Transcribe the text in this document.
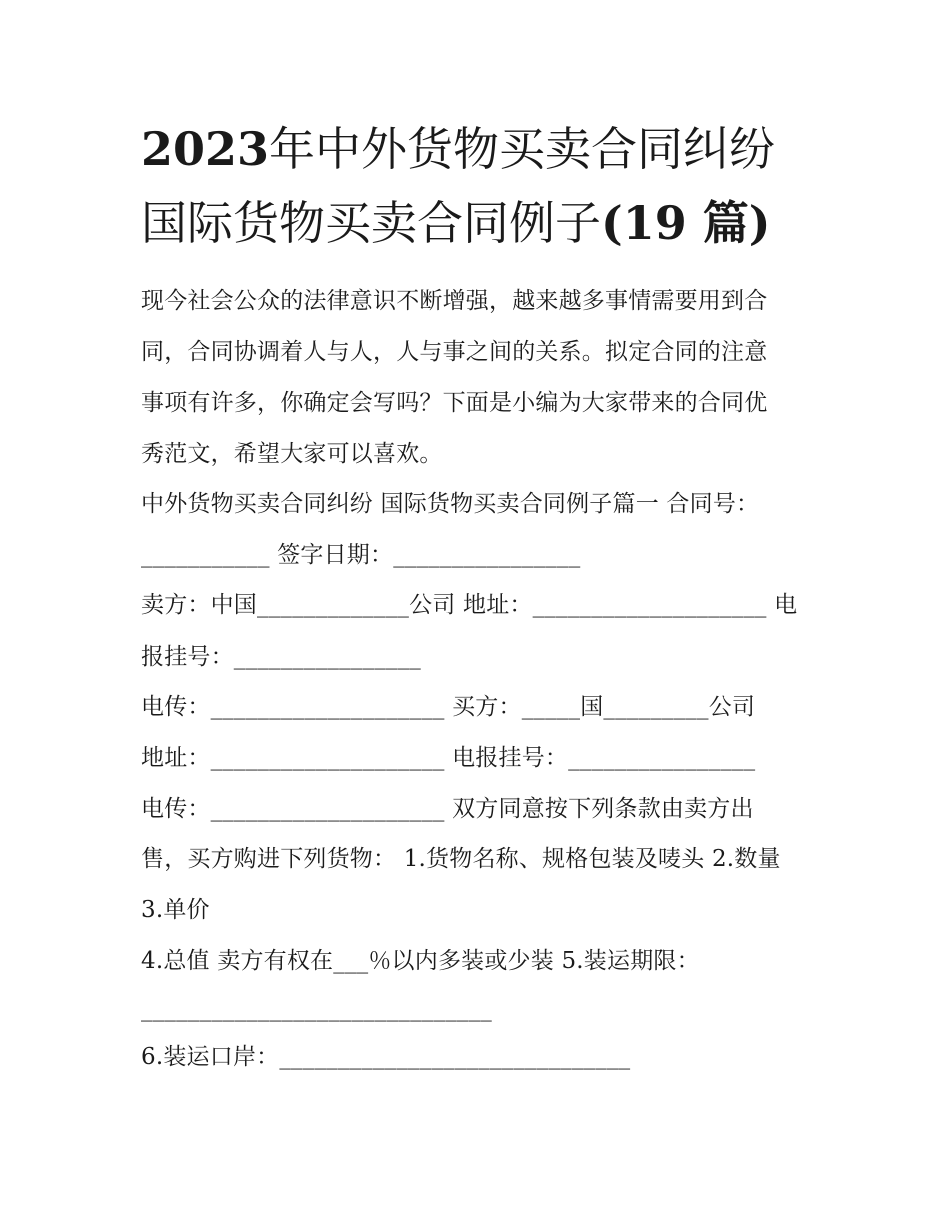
2023年中外货物买卖合同纠纷
国际货物买卖合同例子(19 篇)
现今社会公众的法律意识不断增强，越来越多事情需要用到合
同，合同协调着人与人，人与事之间的关系。拟定合同的注意
事项有许多，你确定会写吗？下面是小编为大家带来的合同优
秀范文，希望大家可以喜欢。
中外货物买卖合同纠纷 国际货物买卖合同例子篇一 合同号：
___________ 签字日期：________________
卖方：中国_____________公司 地址：____________________ 电
报挂号：________________
电传：____________________ 买方：_____国_________公司
地址：____________________ 电报挂号：________________
电传：____________________ 双方同意按下列条款由卖方出
售，买方购进下列货物： 1.货物名称、规格包装及唛头 2.数量
3.单价
4.总值 卖方有权在___％以内多装或少装 5.装运期限：
______________________________
6.装运口岸：______________________________
